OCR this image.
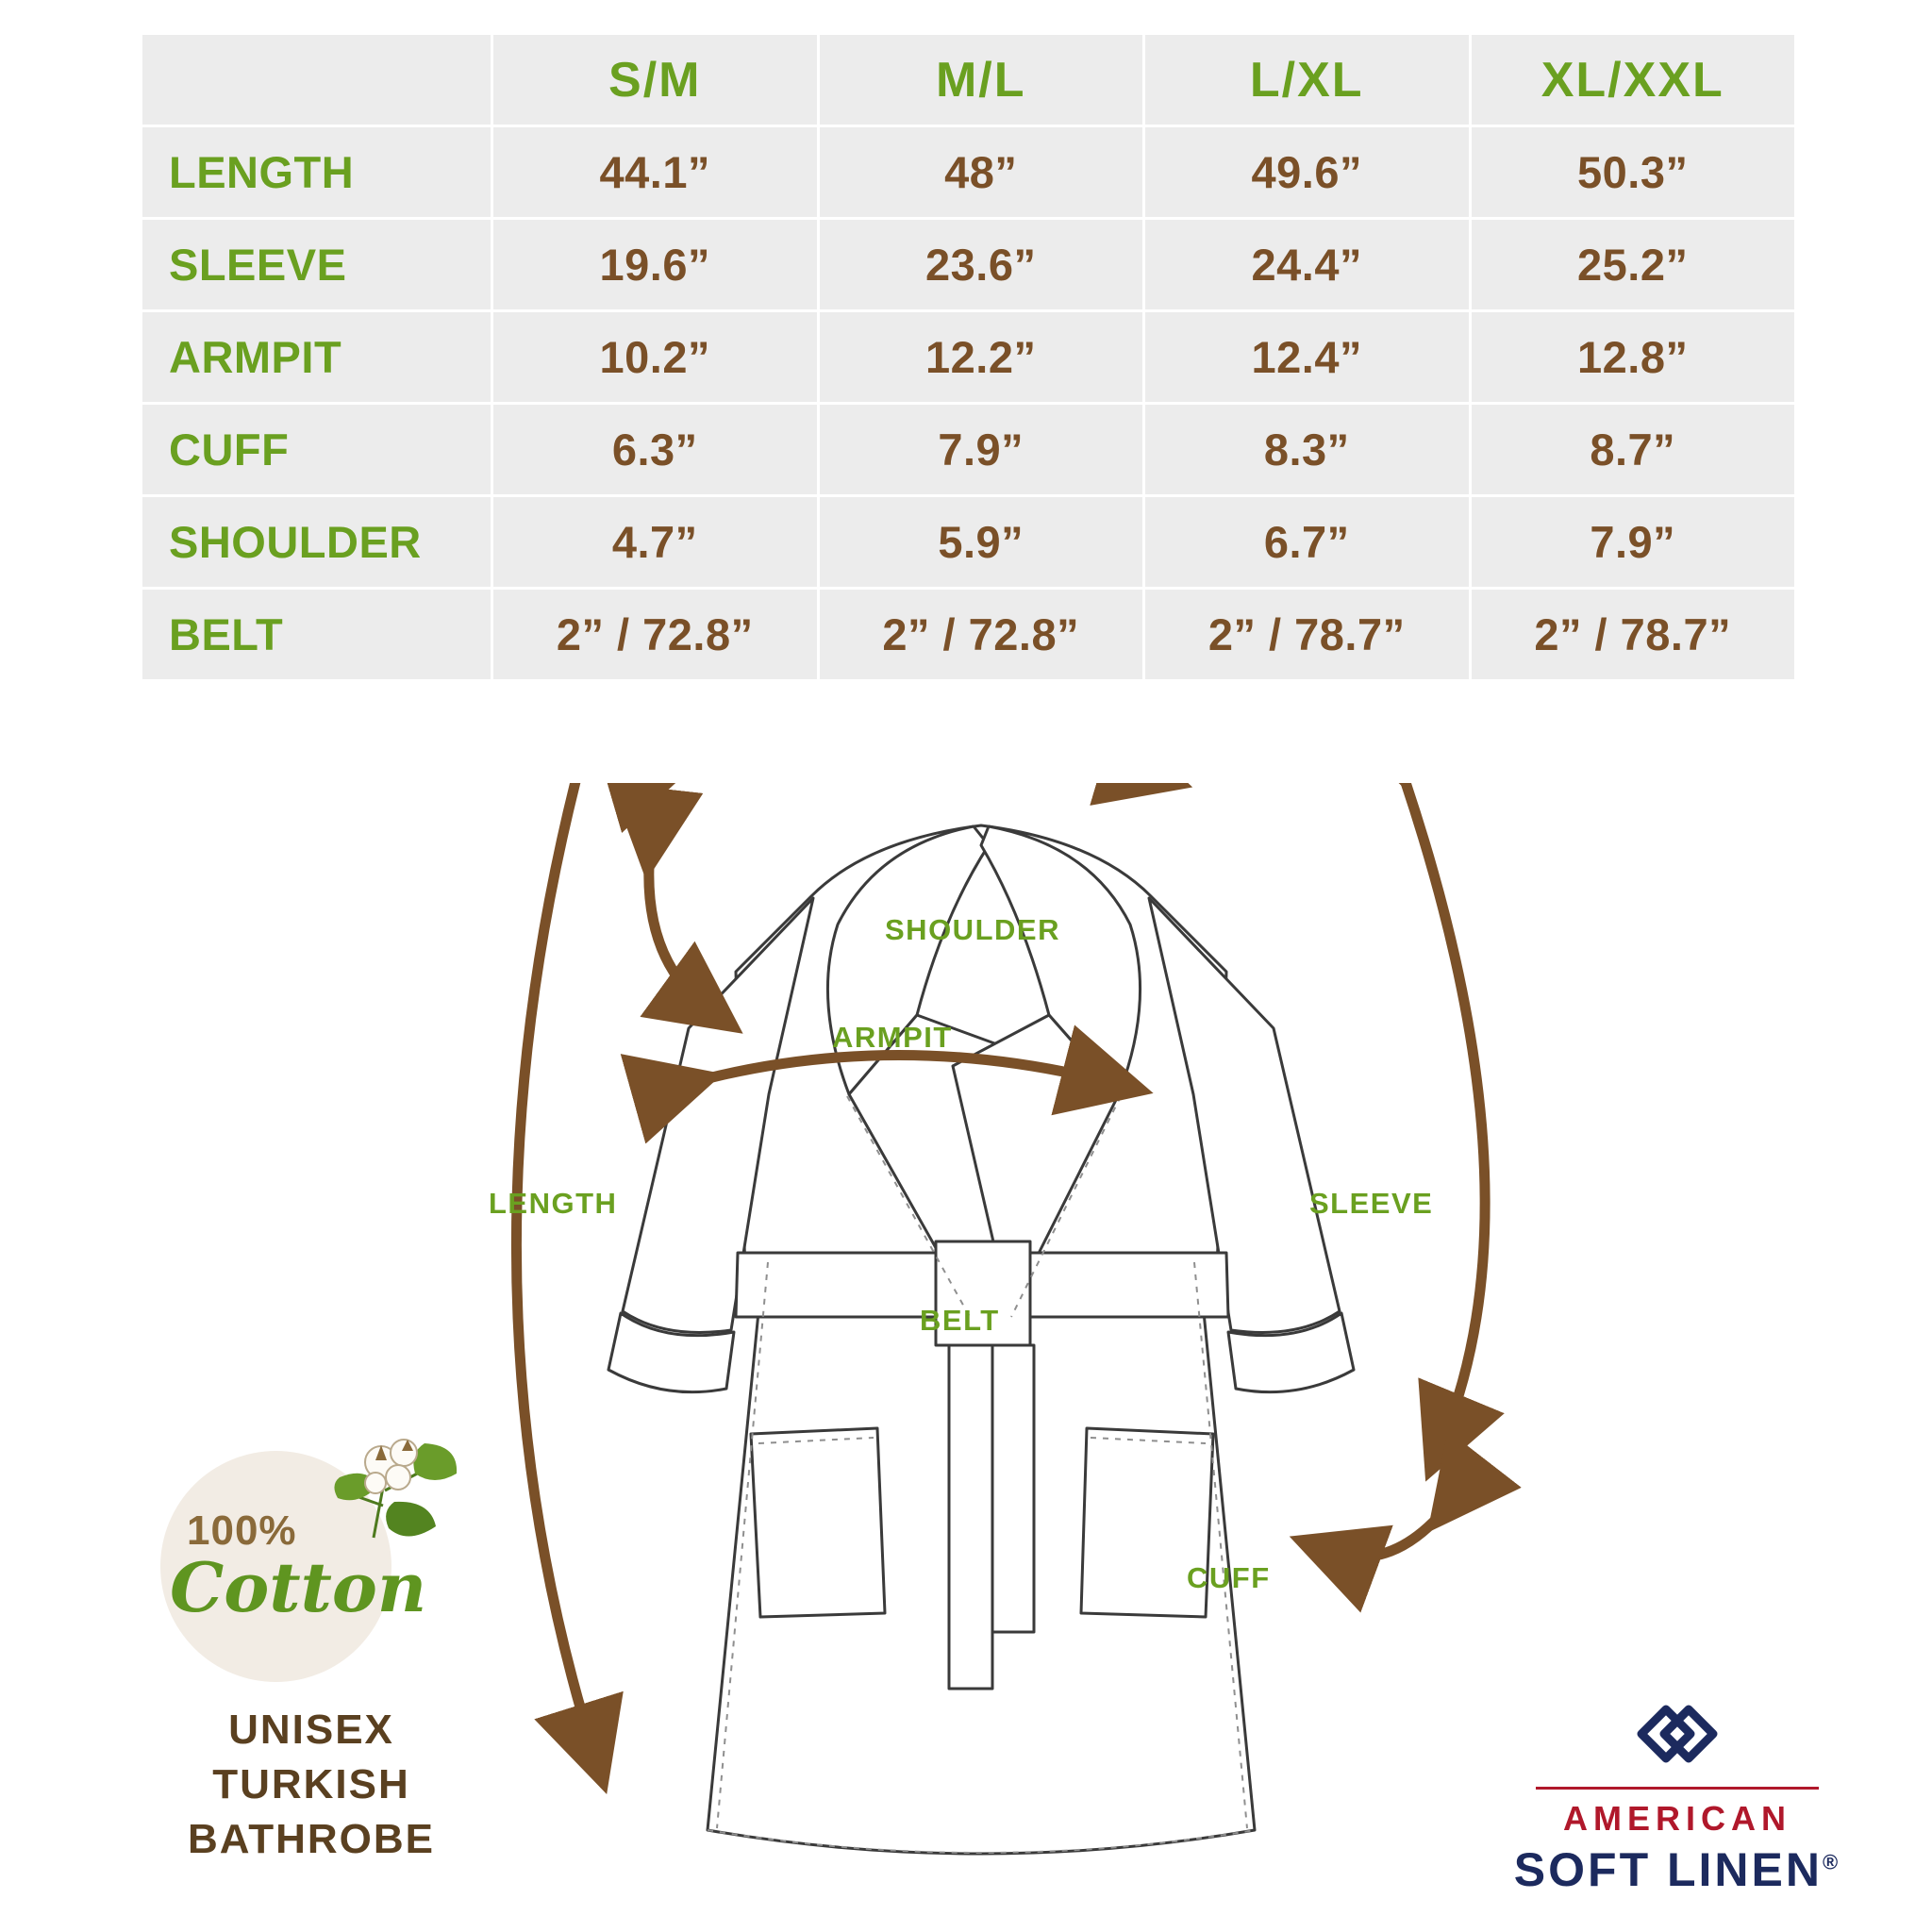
	S/M	M/L	L/XL	XL/XXL
LENGTH	44.1”	48”	49.6”	50.3”
SLEEVE	19.6”	23.6”	24.4”	25.2”
ARMPIT	10.2”	12.2”	12.4”	12.8”
CUFF	6.3”	7.9”	8.3”	8.7”
SHOULDER	4.7”	5.9”	6.7”	7.9”
BELT	2” / 72.8”	2” / 72.8”	2” / 78.7”	2” / 78.7”
SHOULDER
ARMPIT
LENGTH	SLEEVE
BELT
CUFF
100%
Cotton
UNISEX
TURKISH
BATHROBE	AMERICAN
SOFT LINEN®
